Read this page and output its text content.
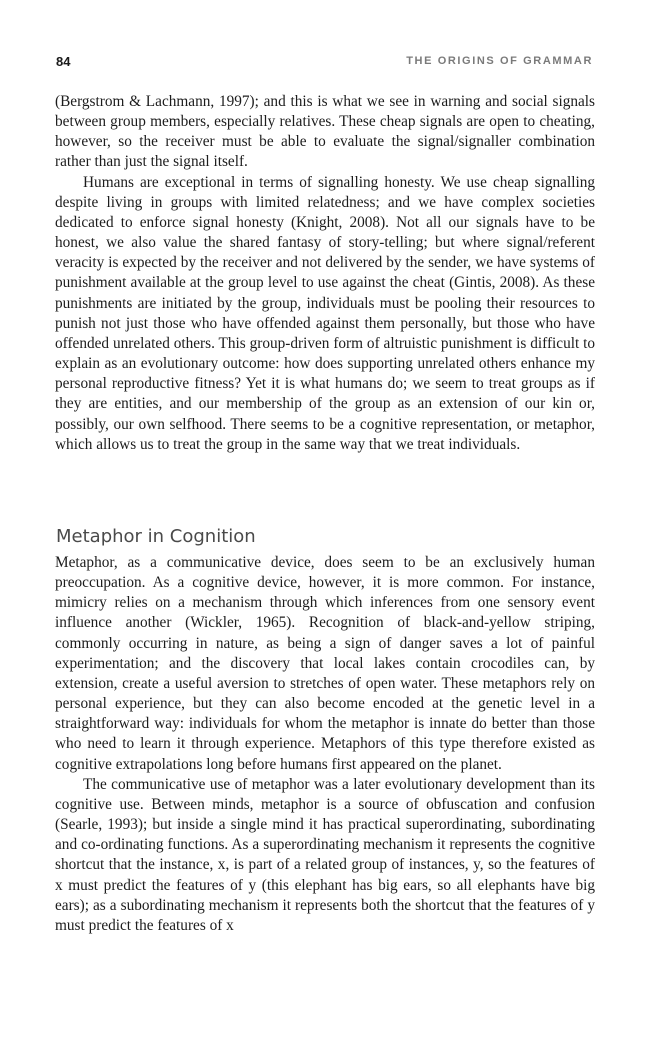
84	THE ORIGINS OF GRAMMAR

(Bergstrom & Lachmann, 1997); and this is what we see in warning and social signals between group members, especially relatives. These cheap signals are open to cheating, however, so the receiver must be able to evaluate the signal/signaller combination rather than just the signal itself.

Humans are exceptional in terms of signalling honesty. We use cheap signalling despite living in groups with limited relatedness; and we have complex societies dedicated to enforce signal honesty (Knight, 2008). Not all our signals have to be honest, we also value the shared fantasy of story-telling; but where signal/referent veracity is expected by the receiver and not delivered by the sender, we have systems of punishment available at the group level to use against the cheat (Gintis, 2008). As these punishments are initiated by the group, individuals must be pooling their resources to punish not just those who have offended against them personally, but those who have offended unrelated others. This group-driven form of altruistic punishment is difficult to explain as an evolutionary outcome: how does supporting unrelated others enhance my personal reproductive fitness? Yet it is what humans do; we seem to treat groups as if they are entities, and our membership of the group as an extension of our kin or, possibly, our own selfhood. There seems to be a cognitive representation, or metaphor, which allows us to treat the group in the same way that we treat individuals.

Metaphor in Cognition

Metaphor, as a communicative device, does seem to be an exclusively human preoccupation. As a cognitive device, however, it is more common. For instance, mimicry relies on a mechanism through which inferences from one sensory event influence another (Wickler, 1965). Recognition of black-and-yellow striping, commonly occurring in nature, as being a sign of danger saves a lot of painful experimentation; and the discovery that local lakes contain crocodiles can, by extension, create a useful aversion to stretches of open water. These metaphors rely on personal experience, but they can also become encoded at the genetic level in a straightforward way: individuals for whom the metaphor is innate do better than those who need to learn it through experience. Metaphors of this type therefore existed as cognitive extrapolations long before humans first appeared on the planet.

The communicative use of metaphor was a later evolutionary development than its cognitive use. Between minds, metaphor is a source of obfuscation and confusion (Searle, 1993); but inside a single mind it has practical superordinating, subordinating and co-ordinating functions. As a superordinating mechanism it represents the cognitive shortcut that the instance, x, is part of a related group of instances, y, so the features of x must predict the features of y (this elephant has big ears, so all elephants have big ears); as a subordinating mechanism it represents both the shortcut that the features of y must predict the features of x
